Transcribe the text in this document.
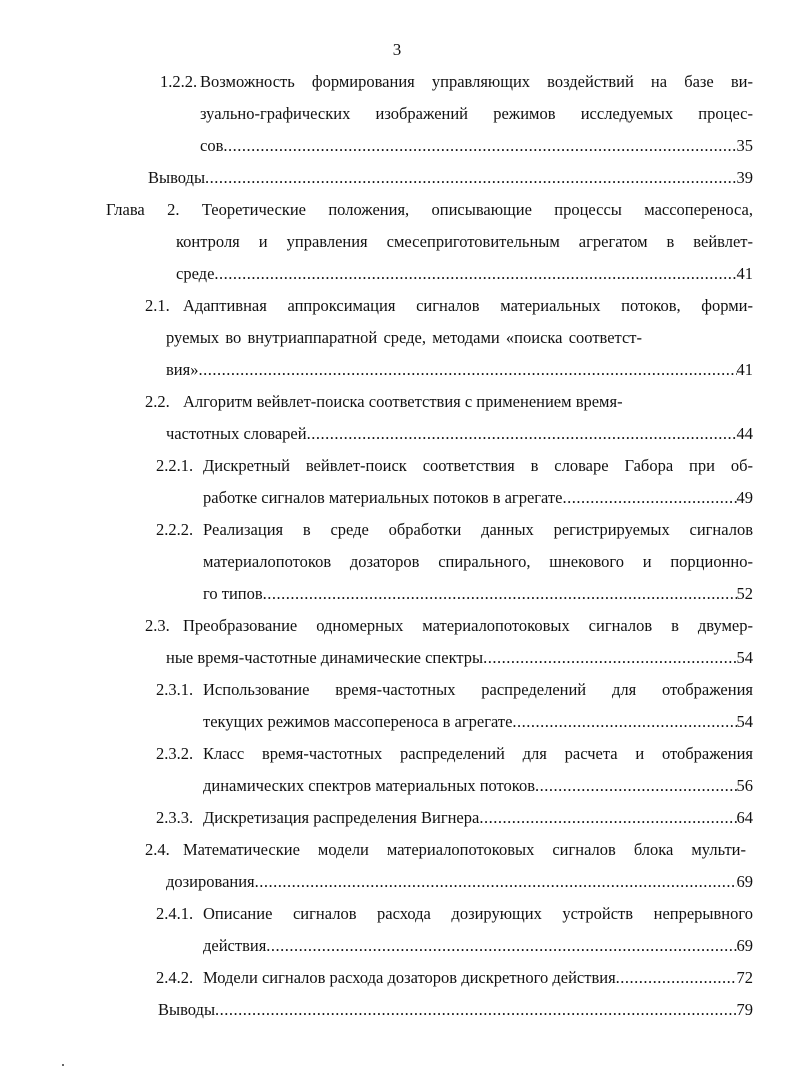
3
1.2.2. Возможность формирования управляющих воздействий на базе ви-
зуально-графических изображений режимов исследуемых процес-
сов .....	35
Выводы .....	39
Глава 2. Теоретические положения, описывающие процессы массопереноса,
контроля и управления смесеприготовительным агрегатом в вейвлет-
среде .....	41
2.1. Адаптивная аппроксимация сигналов материальных потоков, форми-
руемых во внутриаппаратной среде, методами «поиска соответст-
вия» .....	41
2.2. Алгоритм вейвлет-поиска соответствия с применением время-
частотных словарей .....	44
2.2.1. Дискретный вейвлет-поиск соответствия в словаре Габора при об-
работке сигналов материальных потоков в агрегате .....	49
2.2.2. Реализация в среде обработки данных регистрируемых сигналов
материалопотоков дозаторов спирального, шнекового и порционно-
го типов .....	52
2.3. Преобразование одномерных материалопотоковых сигналов в двумер-
ные время-частотные динамические спектры .....	54
2.3.1. Использование время-частотных распределений для отображения
текущих режимов массопереноса в агрегате .....	54
2.3.2. Класс время-частотных распределений для расчета и отображения
динамических спектров материальных потоков .....	56
2.3.3. Дискретизация распределения Вигнера .....	64
2.4. Математические модели материалопотоковых сигналов блока мульти-
дозирования .....	69
2.4.1. Описание сигналов расхода дозирующих устройств непрерывного
действия .....	69
2.4.2. Модели сигналов расхода дозаторов дискретного действия .....	72
Выводы .....	79
